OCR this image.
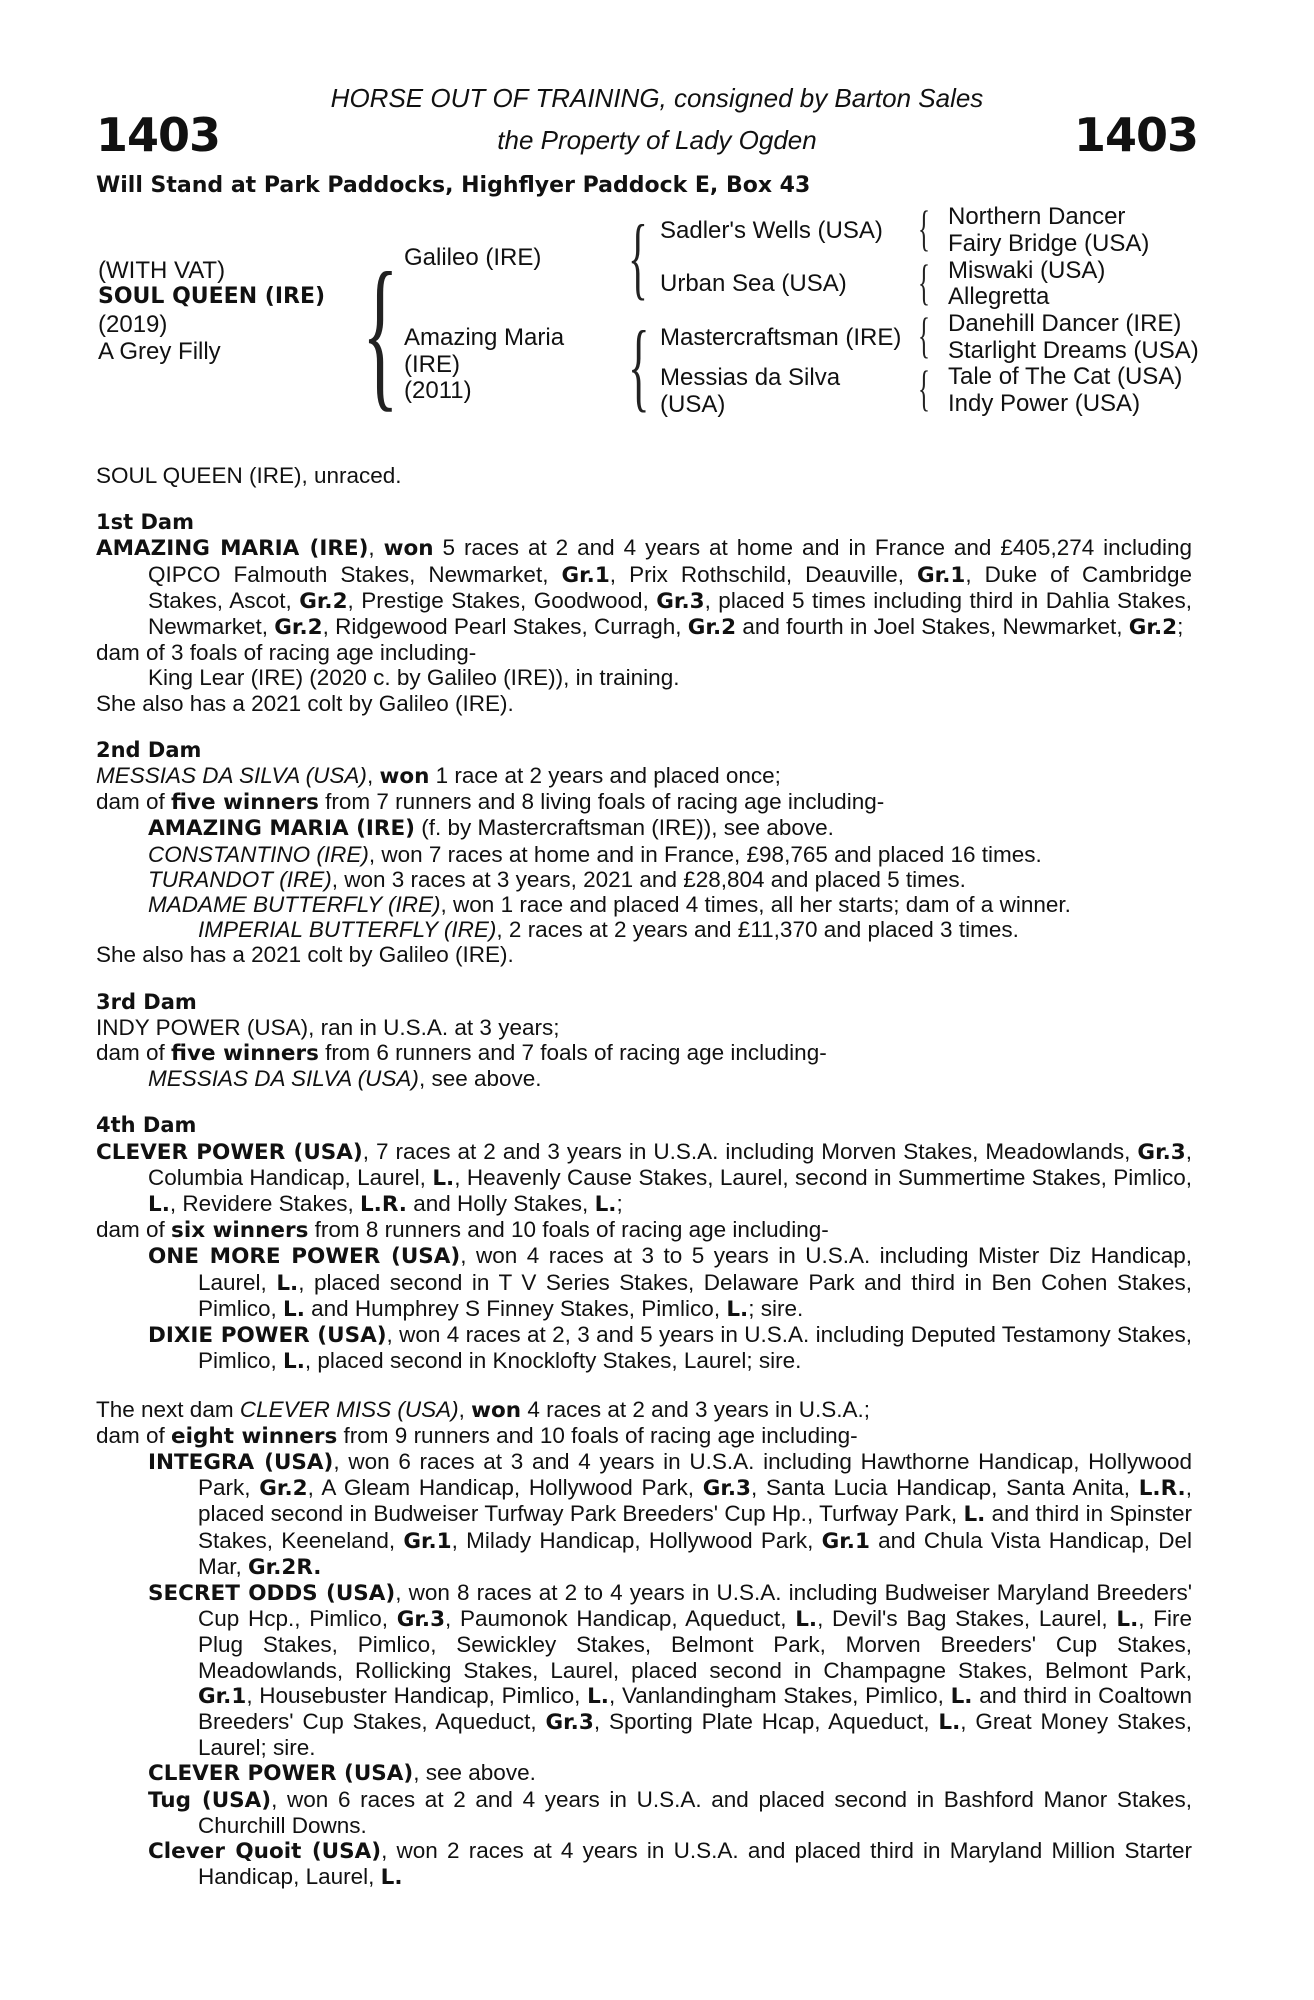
1403	1403
HORSE OUT OF TRAINING, consigned by Barton Sales
the Property of Lady Ogden
Will Stand at Park Paddocks, Highflyer Paddock E, Box 43
(WITH VAT)
SOUL QUEEN (IRE)
(2019)
A Grey Filly { Galileo (IRE)
Amazing Maria
(IRE)
(2011)
{
{
Sadler's Wells (USA)
Urban Sea (USA)
Mastercraftsman (IRE)
Messias da Silva
(USA)
{
{
{
{
Northern Dancer
Fairy Bridge (USA)
Miswaki (USA)
Allegretta
Danehill Dancer (IRE)
Starlight Dreams (USA)
Tale of The Cat (USA)
Indy Power (USA)

SOUL QUEEN (IRE), unraced.

1st Dam

AMAZING MARIA (IRE), won 5 races at 2 and 4 years at home and in France and £405,274 including QIPCO Falmouth Stakes, Newmarket, Gr.1, Prix Rothschild, Deauville, Gr.1, Duke of Cambridge Stakes, Ascot, Gr.2, Prestige Stakes, Goodwood, Gr.3, placed 5 times including third in Dahlia Stakes, Newmarket, Gr.2, Ridgewood Pearl Stakes, Curragh, Gr.2 and fourth in Joel Stakes, Newmarket, Gr.2;

dam of 3 foals of racing age including-

King Lear (IRE) (2020 c. by Galileo (IRE)), in training.

She also has a 2021 colt by Galileo (IRE).

2nd Dam

MESSIAS DA SILVA (USA), won 1 race at 2 years and placed once;

dam of five winners from 7 runners and 8 living foals of racing age including-

AMAZING MARIA (IRE) (f. by Mastercraftsman (IRE)), see above.

CONSTANTINO (IRE), won 7 races at home and in France, £98,765 and placed 16 times.

TURANDOT (IRE), won 3 races at 3 years, 2021 and £28,804 and placed 5 times.

MADAME BUTTERFLY (IRE), won 1 race and placed 4 times, all her starts; dam of a winner.

IMPERIAL BUTTERFLY (IRE), 2 races at 2 years and £11,370 and placed 3 times.

She also has a 2021 colt by Galileo (IRE).

3rd Dam

INDY POWER (USA), ran in U.S.A. at 3 years;

dam of five winners from 6 runners and 7 foals of racing age including-

MESSIAS DA SILVA (USA), see above.

4th Dam

CLEVER POWER (USA), 7 races at 2 and 3 years in U.S.A. including Morven Stakes, Meadowlands, Gr.3, Columbia Handicap, Laurel, L., Heavenly Cause Stakes, Laurel, second in Summertime Stakes, Pimlico, L., Revidere Stakes, L.R. and Holly Stakes, L.;

dam of six winners from 8 runners and 10 foals of racing age including-

ONE MORE POWER (USA), won 4 races at 3 to 5 years in U.S.A. including Mister Diz Handicap, Laurel, L., placed second in T V Series Stakes, Delaware Park and third in Ben Cohen Stakes, Pimlico, L. and Humphrey S Finney Stakes, Pimlico, L.; sire.

DIXIE POWER (USA), won 4 races at 2, 3 and 5 years in U.S.A. including Deputed Testamony Stakes, Pimlico, L., placed second in Knocklofty Stakes, Laurel; sire.

The next dam CLEVER MISS (USA), won 4 races at 2 and 3 years in U.S.A.;

dam of eight winners from 9 runners and 10 foals of racing age including-

INTEGRA (USA), won 6 races at 3 and 4 years in U.S.A. including Hawthorne Handicap, Hollywood Park, Gr.2, A Gleam Handicap, Hollywood Park, Gr.3, Santa Lucia Handicap, Santa Anita, L.R., placed second in Budweiser Turfway Park Breeders' Cup Hp., Turfway Park, L. and third in Spinster Stakes, Keeneland, Gr.1, Milady Handicap, Hollywood Park, Gr.1 and Chula Vista Handicap, Del Mar, Gr.2R.

SECRET ODDS (USA), won 8 races at 2 to 4 years in U.S.A. including Budweiser Maryland Breeders' Cup Hcp., Pimlico, Gr.3, Paumonok Handicap, Aqueduct, L., Devil's Bag Stakes, Laurel, L., Fire Plug Stakes, Pimlico, Sewickley Stakes, Belmont Park, Morven Breeders' Cup Stakes, Meadowlands, Rollicking Stakes, Laurel, placed second in Champagne Stakes, Belmont Park, Gr.1, Housebuster Handicap, Pimlico, L., Vanlandingham Stakes, Pimlico, L. and third in Coaltown Breeders' Cup Stakes, Aqueduct, Gr.3, Sporting Plate Hcap, Aqueduct, L., Great Money Stakes, Laurel; sire.

CLEVER POWER (USA), see above.

Tug (USA), won 6 races at 2 and 4 years in U.S.A. and placed second in Bashford Manor Stakes, Churchill Downs.

Clever Quoit (USA), won 2 races at 4 years in U.S.A. and placed third in Maryland Million Starter Handicap, Laurel, L.
